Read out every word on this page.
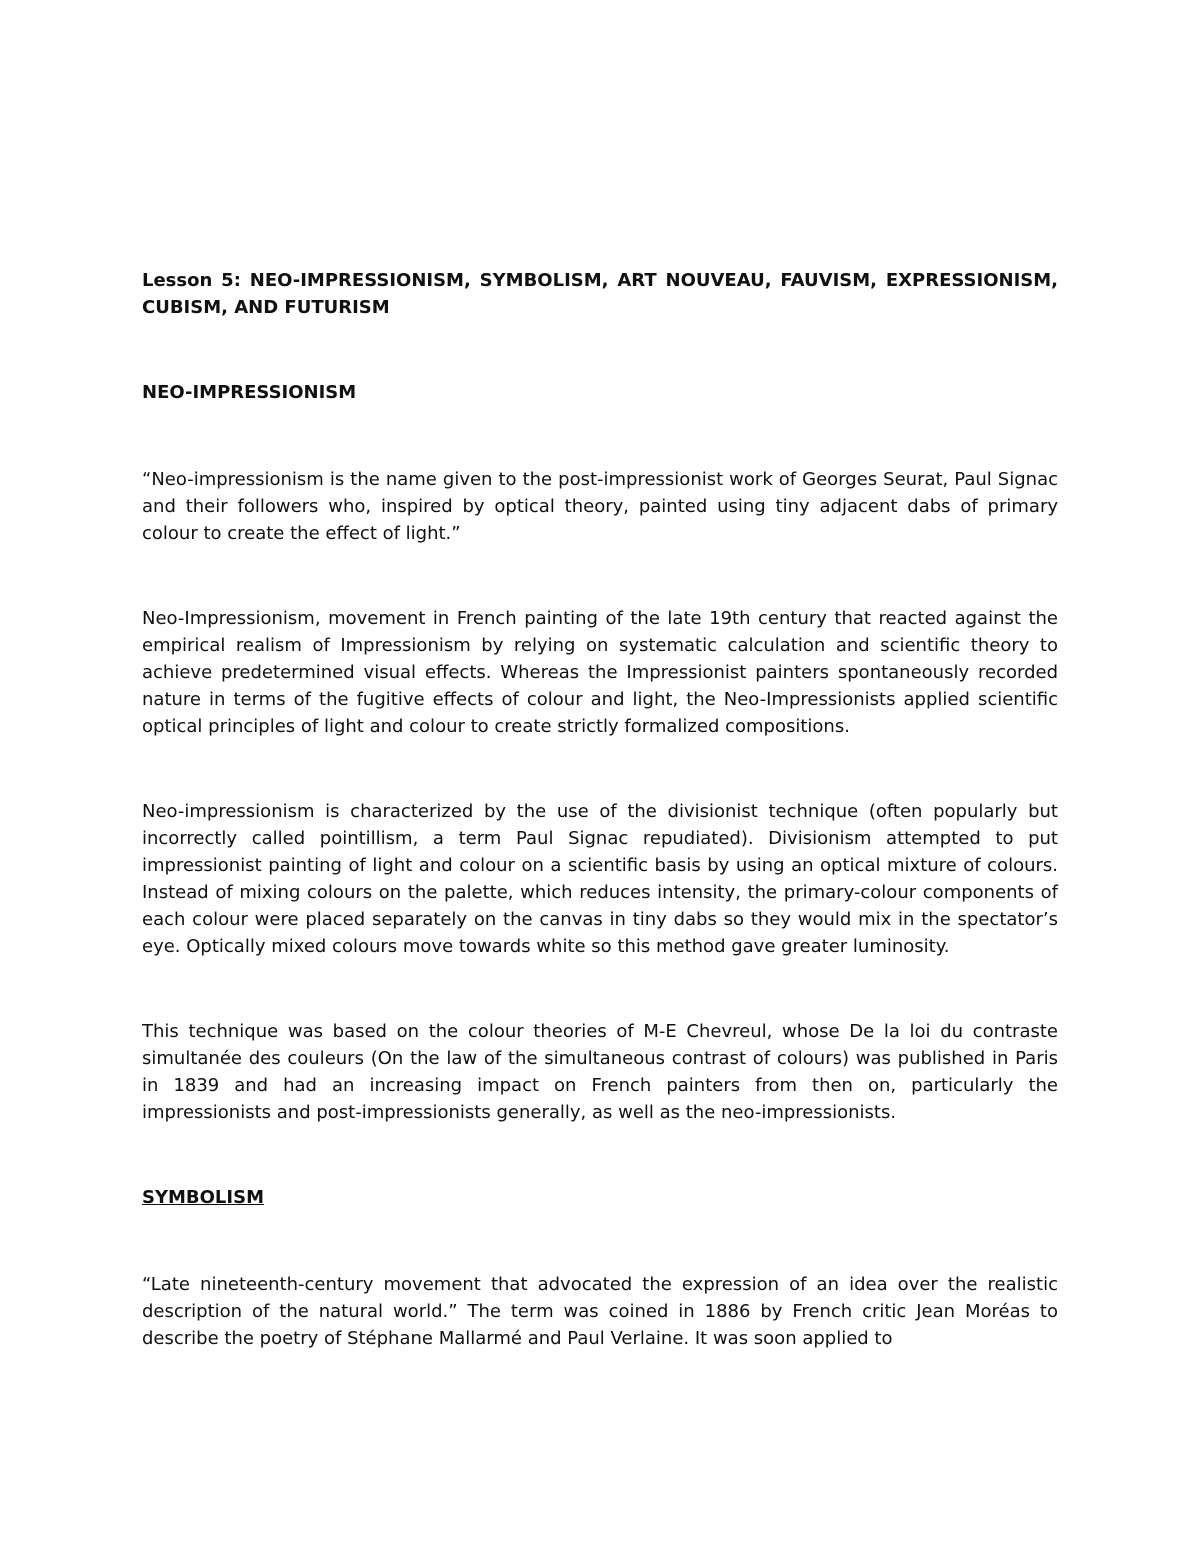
Lesson 5: NEO-IMPRESSIONISM, SYMBOLISM, ART NOUVEAU, FAUVISM, EXPRESSIONISM, CUBISM, AND FUTURISM
NEO-IMPRESSIONISM

“Neo-impressionism is the name given to the post-impressionist work of Georges Seurat, Paul Signac and their followers who, inspired by optical theory, painted using tiny adjacent dabs of primary colour to create the effect of light.”

Neo-Impressionism, movement in French painting of the late 19th century that reacted against the empirical realism of Impressionism by relying on systematic calculation and scientific theory to achieve predetermined visual effects. Whereas the Impressionist painters spontaneously recorded nature in terms of the fugitive effects of colour and light, the Neo-Impressionists applied scientific optical principles of light and colour to create strictly formalized compositions.

Neo-impressionism is characterized by the use of the divisionist technique (often popularly but incorrectly called pointillism, a term Paul Signac repudiated). Divisionism attempted to put impressionist painting of light and colour on a scientific basis by using an optical mixture of colours. Instead of mixing colours on the palette, which reduces intensity, the primary-colour components of each colour were placed separately on the canvas in tiny dabs so they would mix in the spectator’s eye. Optically mixed colours move towards white so this method gave greater luminosity.

This technique was based on the colour theories of M-E Chevreul, whose De la loi du contraste simultanée des couleurs (On the law of the simultaneous contrast of colours) was published in Paris in 1839 and had an increasing impact on French painters from then on, particularly the impressionists and post-impressionists generally, as well as the neo-impressionists.

SYMBOLISM

“Late nineteenth-century movement that advocated the expression of an idea over the realistic description of the natural world.” The term was coined in 1886 by French critic Jean Moréas to describe the poetry of Stéphane Mallarmé and Paul Verlaine. It was soon applied to
